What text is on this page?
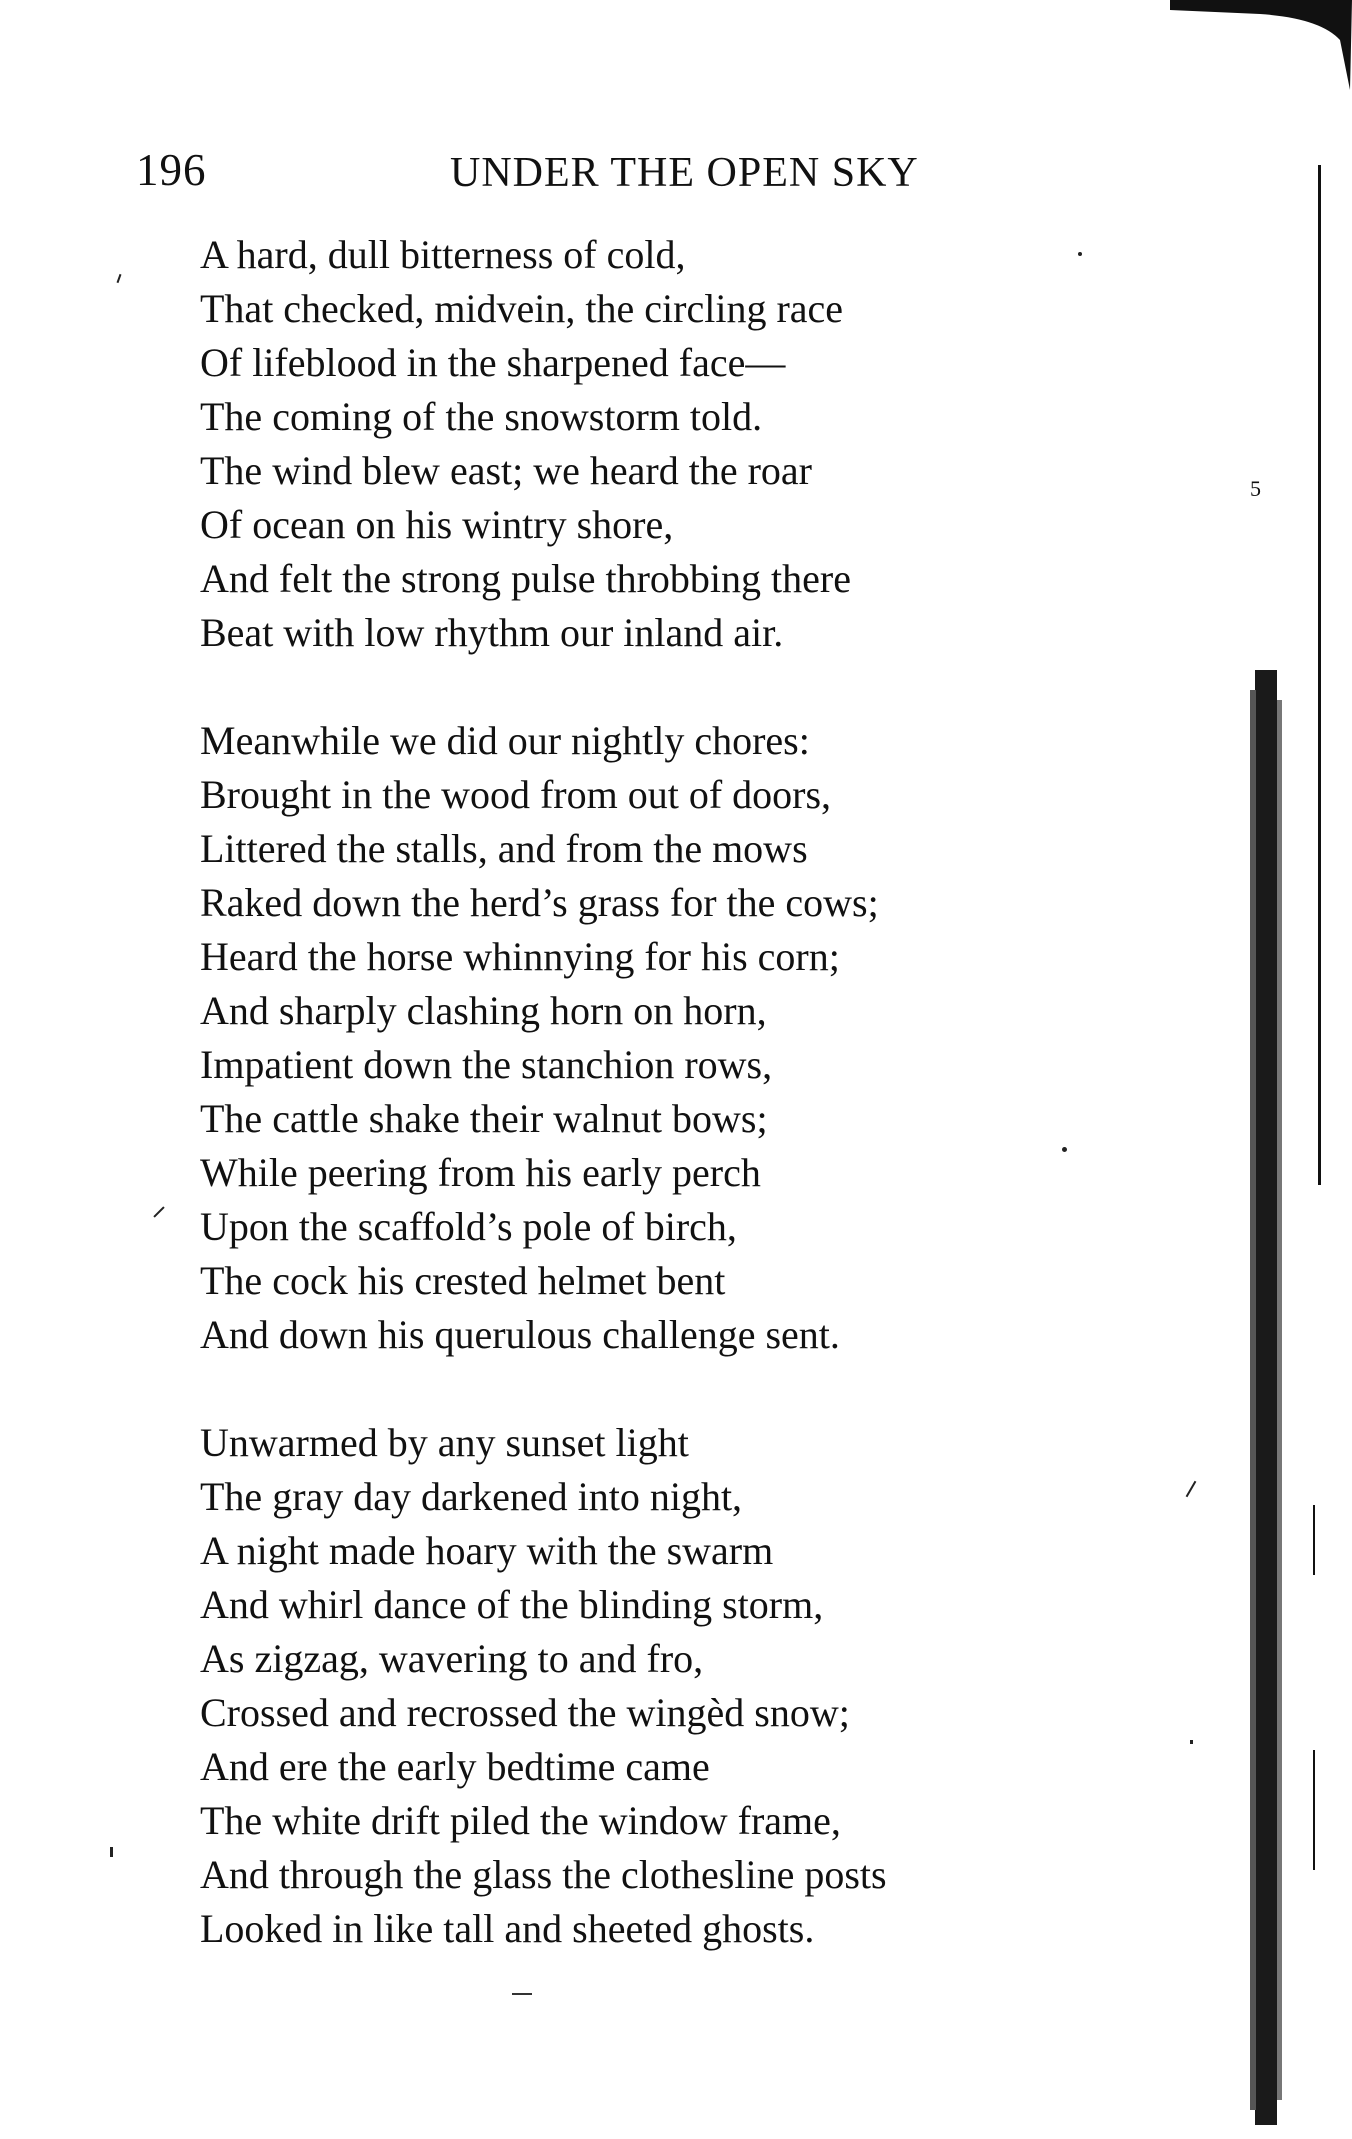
196	UNDER THE OPEN SKY
A hard, dull bitterness of cold,
That checked, midvein, the circling race
Of lifeblood in the sharpened face—
The coming of the snowstorm told.
The wind blew east; we heard the roar
Of ocean on his wintry shore,
And felt the strong pulse throbbing there
Beat with low rhythm our inland air.
Meanwhile we did our nightly chores:
Brought in the wood from out of doors,
Littered the stalls, and from the mows
Raked down the herd’s grass for the cows;
Heard the horse whinnying for his corn;
And sharply clashing horn on horn,
Impatient down the stanchion rows,
The cattle shake their walnut bows;
While peering from his early perch
Upon the scaffold’s pole of birch,
The cock his crested helmet bent
And down his querulous challenge sent.
Unwarmed by any sunset light
The gray day darkened into night,
A night made hoary with the swarm
And whirl dance of the blinding storm,
As zigzag, wavering to and fro,
Crossed and recrossed the wingèd snow;
And ere the early bedtime came
The white drift piled the window frame,
And through the glass the clothesline posts
Looked in like tall and sheeted ghosts.
5
